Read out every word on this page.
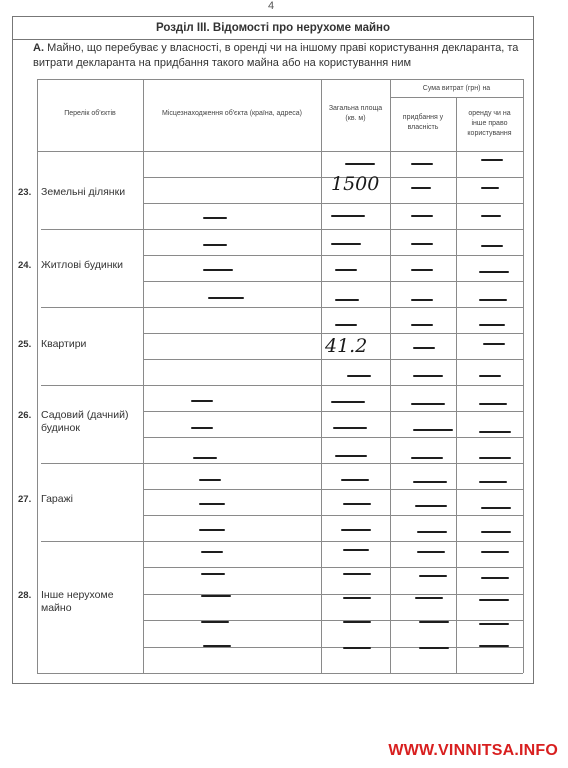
4
Розділ III. Відомості про нерухоме майно
А. Майно, що перебуває у власності, в оренді чи на іншому праві користування декларанта, та витрати декларанта на придбання такого майна або на користування ним
Перелік об'єктів	Місцезнаходження об'єкта (країна, адреса)
Загальна площа (кв. м)
Сума витрат (грн) на
придбання у власність
оренду чи на інше право користування
23. Земельні ділянки
24. Житлові будинки
25. Квартири
26. Садовий (дачний) будинок
27. Гаражі
28. Інше нерухоме майно
1500
41.2
WWW.VINNITSA.INFO
